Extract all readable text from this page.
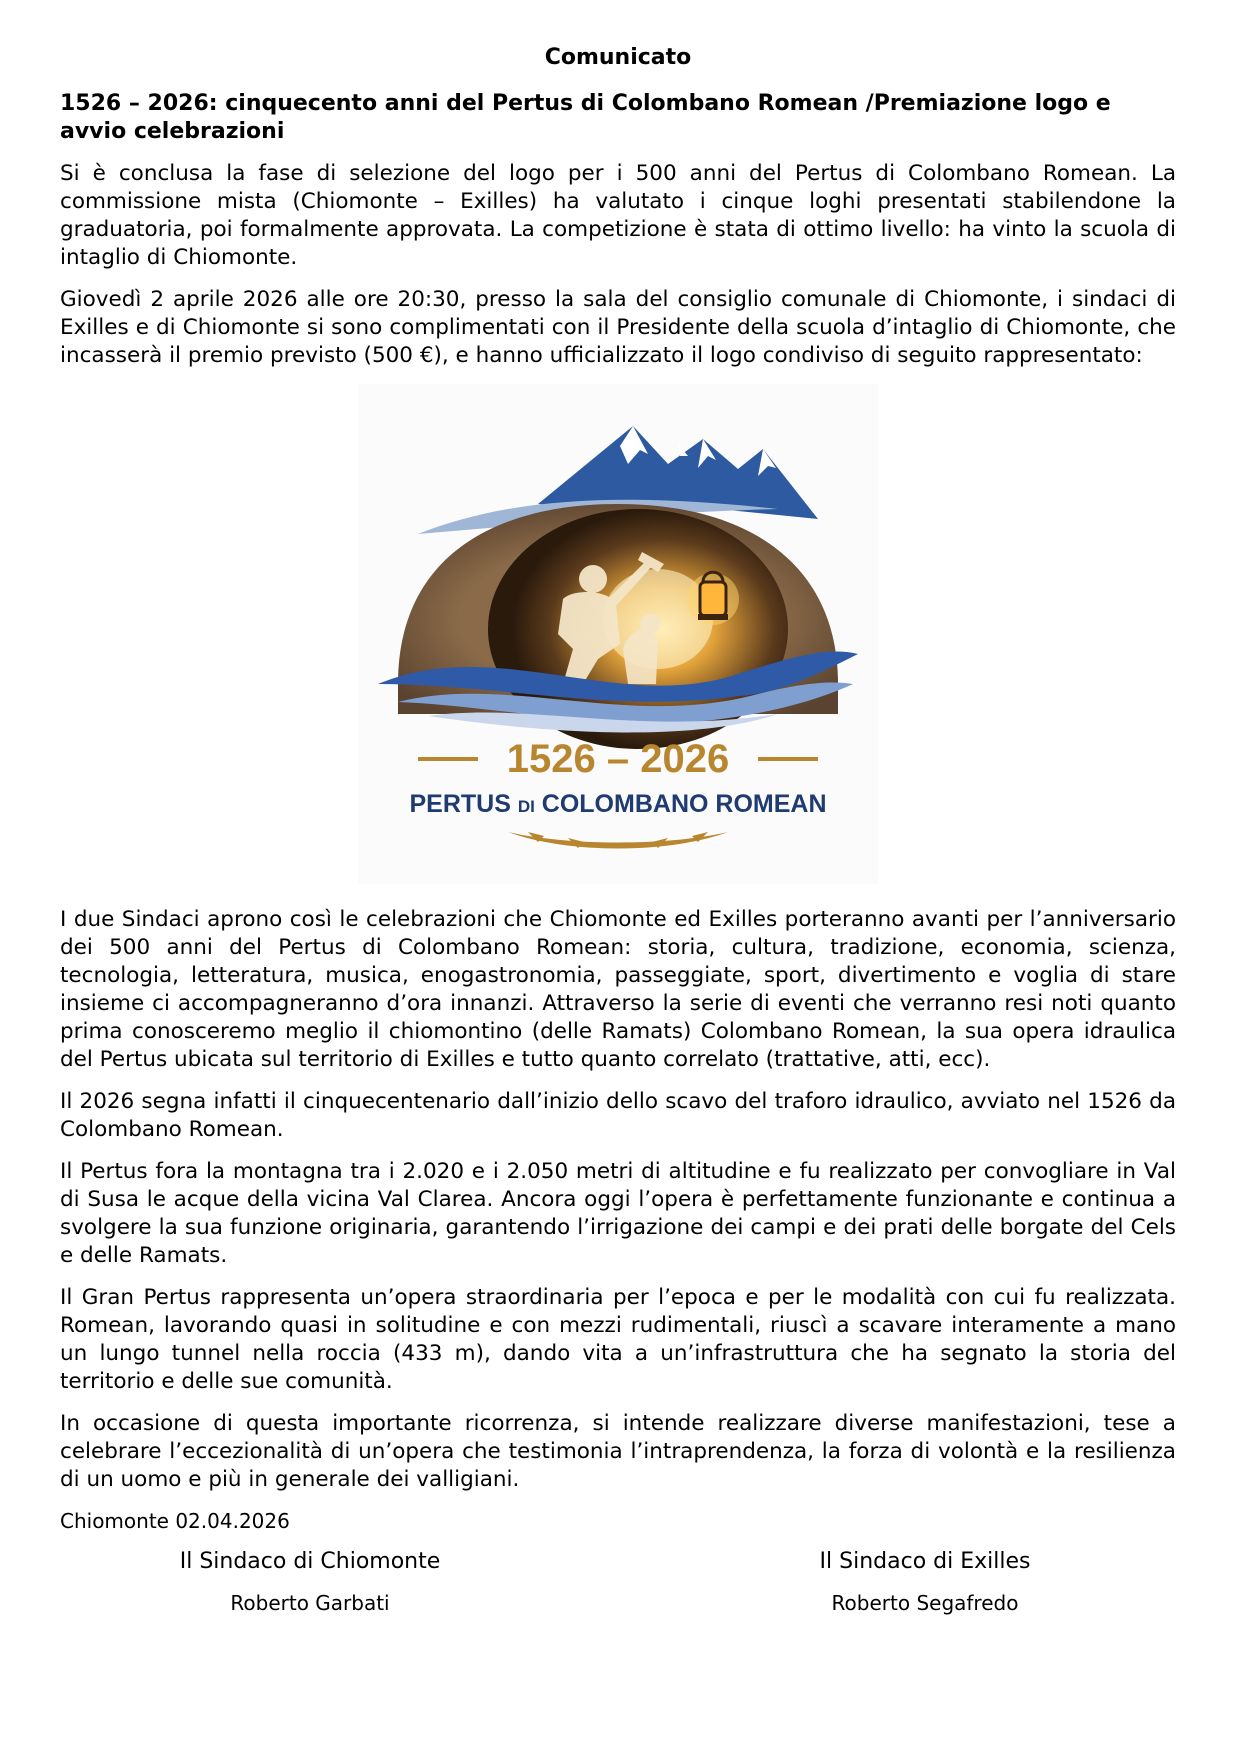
Comunicato
1526 – 2026: cinquecento anni del Pertus di Colombano Romean /Premiazione logo e avvio celebrazioni

Si è conclusa la fase di selezione del logo per i 500 anni del Pertus di Colombano Romean. La commissione mista (Chiomonte – Exilles) ha valutato i cinque loghi presentati stabilendone la graduatoria, poi formalmente approvata. La competizione è stata di ottimo livello: ha vinto la scuola di intaglio di Chiomonte.

Giovedì 2 aprile 2026 alle ore 20:30, presso la sala del consiglio comunale di Chiomonte, i sindaci di Exilles e di Chiomonte si sono complimentati con il Presidente della scuola d’intaglio di Chiomonte, che incasserà il premio previsto (500 €), e hanno ufficializzato il logo condiviso di seguito rappresentato:

1526 – 2026
PERTUS DI COLOMBANO ROMEAN

I due Sindaci aprono così le celebrazioni che Chiomonte ed Exilles porteranno avanti per l’anniversario dei 500 anni del Pertus di Colombano Romean: storia, cultura, tradizione, economia, scienza, tecnologia, letteratura, musica, enogastronomia, passeggiate, sport, divertimento e voglia di stare insieme ci accompagneranno d’ora innanzi. Attraverso la serie di eventi che verranno resi noti quanto prima conosceremo meglio il chiomontino (delle Ramats) Colombano Romean, la sua opera idraulica del Pertus ubicata sul territorio di Exilles e tutto quanto correlato (trattative, atti, ecc).

Il 2026 segna infatti il cinquecentenario dall’inizio dello scavo del traforo idraulico, avviato nel 1526 da Colombano Romean.

Il Pertus fora la montagna tra i 2.020 e i 2.050 metri di altitudine e fu realizzato per convogliare in Val di Susa le acque della vicina Val Clarea. Ancora oggi l’opera è perfettamente funzionante e continua a svolgere la sua funzione originaria, garantendo l’irrigazione dei campi e dei prati delle borgate del Cels e delle Ramats.

Il Gran Pertus rappresenta un’opera straordinaria per l’epoca e per le modalità con cui fu realizzata. Romean, lavorando quasi in solitudine e con mezzi rudimentali, riuscì a scavare interamente a mano un lungo tunnel nella roccia (433 m), dando vita a un’infrastruttura che ha segnato la storia del territorio e delle sue comunità.

In occasione di questa importante ricorrenza, si intende realizzare diverse manifestazioni, tese a celebrare l’eccezionalità di un’opera che testimonia l’intraprendenza, la forza di volontà e la resilienza di un uomo e più in generale dei valligiani.

Chiomonte 02.04.2026
Il Sindaco di Chiomonte
Roberto Garbati
Il Sindaco di Exilles
Roberto Segafredo
